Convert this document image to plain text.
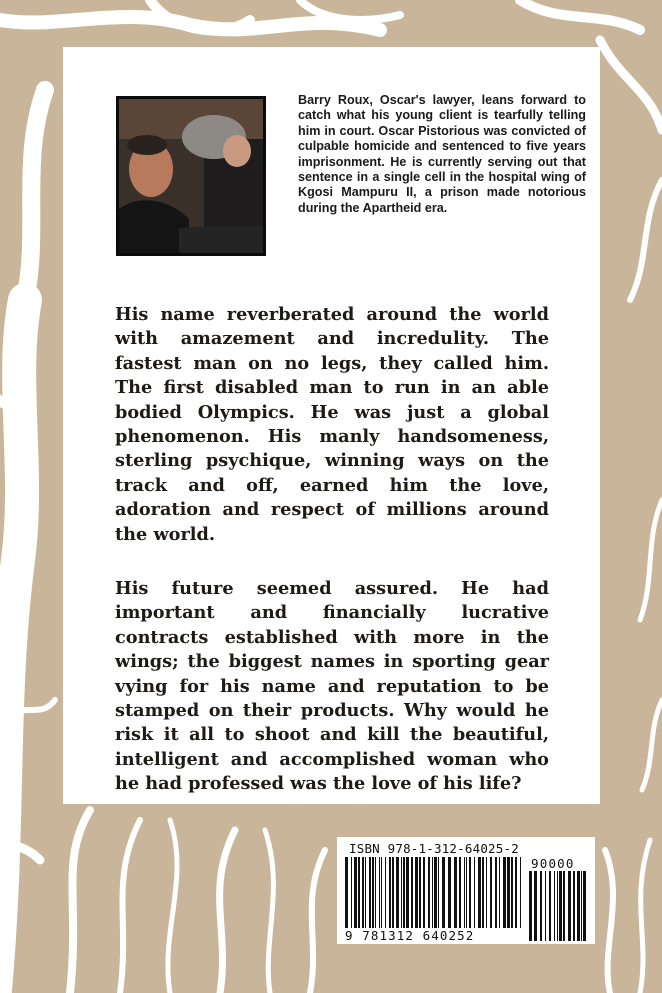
Barry Roux, Oscar's lawyer, leans forward to catch what his young client is tearfully telling him in court. Oscar Pistorious was convicted of culpable homicide and sentenced to five years imprisonment. He is currently serving out that sentence in a single cell in the hospital wing of Kgosi Mampuru II, a prison made notorious during the Apartheid era.

His name reverberated around the world with amazement and incredulity. The fastest man on no legs, they called him. The first disabled man to run in an able bodied Olympics. He was just a global phenomenon. His manly handsomeness, sterling psychique, winning ways on the track and off, earned him the love, adoration and respect of millions around the world.

His future seemed assured. He had important and financially lucrative contracts established with more in the wings; the biggest names in sporting gear vying for his name and reputation to be stamped on their products. Why would he risk it all to shoot and kill the beautiful, intelligent and accomplished woman who he had professed was the love of his life?

ISBN 978-1-312-64025-2
90000
9 781312 640252
